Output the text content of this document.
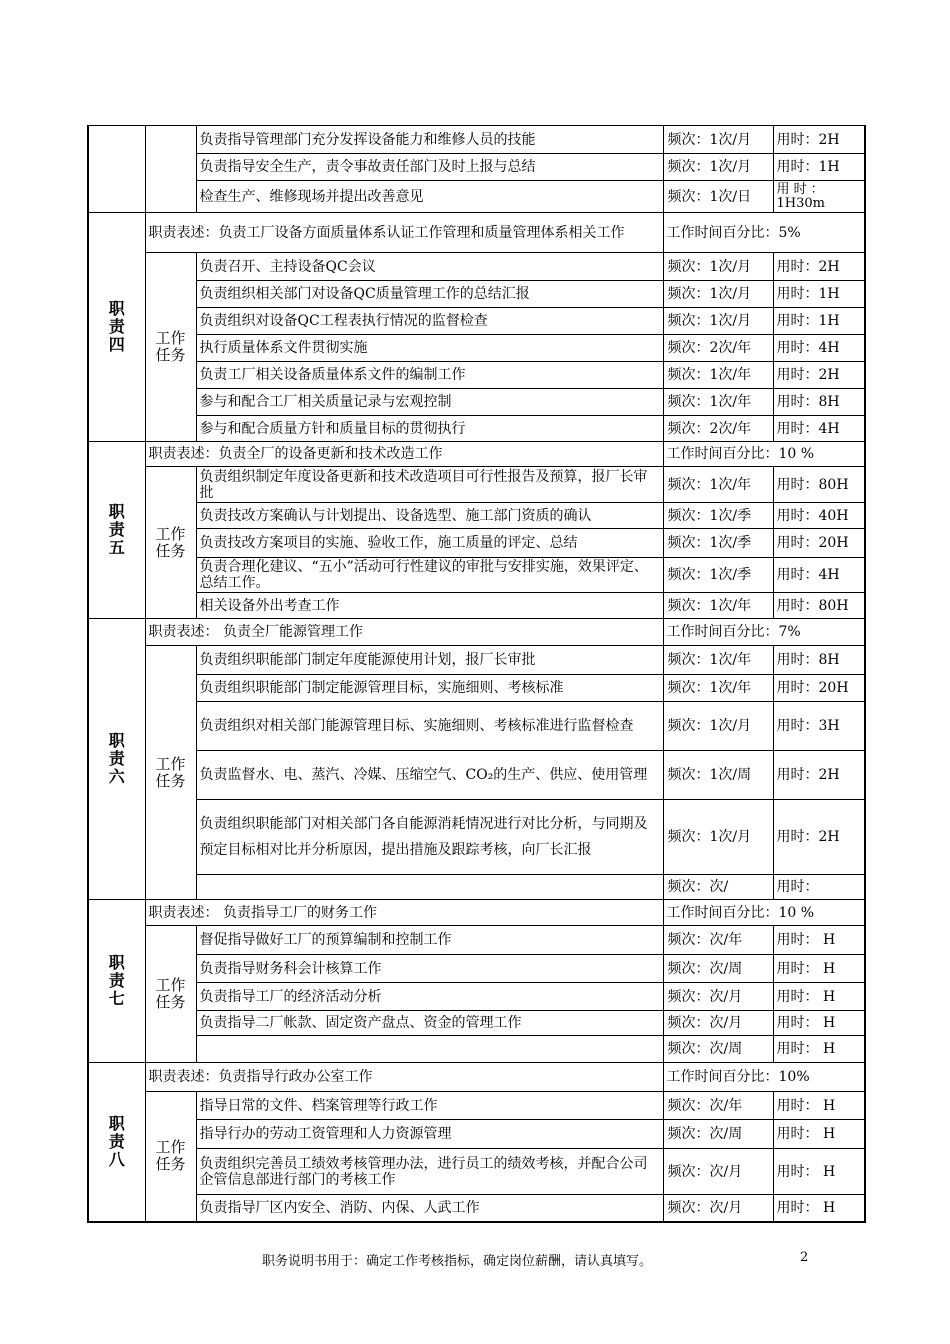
		负责指导管理部门充分发挥设备能力和维修人员的技能	频次：1次/月	用时：2H
		负责指导安全生产，责令事故责任部门及时上报与总结	频次：1次/月	用时：1H
		检查生产、维修现场并提出改善意见	频次：1次/日	用 时 ：1H30m

职
责
四	职责表述：负责工厂设备方面质量体系认证工作管理和质量管理体系相关工作		工作时间百分比：5%	

	工作
任务	负责召开、主持设备QC会议	频次：1次/月	用时：2H
		负责组织相关部门对设备QC质量管理工作的总结汇报	频次：1次/月	用时：1H
		负责组织对设备QC工程表执行情况的监督检查	频次：1次/月	用时：1H
		执行质量体系文件贯彻实施	频次：2次/年	用时：4H
		负责工厂相关设备质量体系文件的编制工作	频次：1次/年	用时：2H
		参与和配合工厂相关质量记录与宏观控制	频次：1次/年	用时：8H
		参与和配合质量方针和质量目标的贯彻执行	频次：2次/年	用时：4H

职
责
五	职责表述：负责全厂的设备更新和技术改造工作		工作时间百分比：10 %	

	工作
任务	负责组织制定年度设备更新和技术改造项目可行性报告及预算，报厂长审批	频次：1次/年	用时：80H
		负责技改方案确认与计划提出、设备选型、施工部门资质的确认	频次：1次/季	用时：40H
		负责技改方案项目的实施、验收工作，施工质量的评定、总结	频次：1次/季	用时：20H
		负责合理化建议、“五小”活动可行性建议的审批与安排实施，效果评定、总结工作。	频次：1次/季	用时：4H
		相关设备外出考查工作	频次：1次/年	用时：80H

职
责
六	职责表述： 负责全厂能源管理工作		工作时间百分比：7%	

	工作
任务	负责组织职能部门制定年度能源使用计划，报厂长审批	频次：1次/年	用时：8H
		负责组织职能部门制定能源管理目标，实施细则、考核标准	频次：1次/年	用时：20H
		负责组织对相关部门能源管理目标、实施细则、考核标准进行监督检查	频次：1次/月	用时：3H
		负责监督水、电、蒸汽、冷媒、压缩空气、CO₂的生产、供应、使用管理	频次：1次/周	用时：2H
		负责组织职能部门对相关部门各自能源消耗情况进行对比分析，与同期及预定目标相对比并分析原因，提出措施及跟踪考核，向厂长汇报	频次：1次/月	用时：2H
			频次：次/	用时：

职
责
七	职责表述： 负责指导工厂的财务工作		工作时间百分比：10 %	

	工作
任务	督促指导做好工厂的预算编制和控制工作	频次：次/年	用时： H
		负责指导财务科会计核算工作	频次：次/周	用时： H
		负责指导工厂的经济活动分析	频次：次/月	用时： H
		负责指导二厂帐款、固定资产盘点、资金的管理工作	频次：次/月	用时： H
			频次：次/周	用时： H

职
责
八	职责表述：负责指导行政办公室工作		工作时间百分比：10%	

	工作
任务	指导日常的文件、档案管理等行政工作	频次：次/年	用时： H
		指导行办的劳动工资管理和人力资源管理	频次：次/周	用时： H
		负责组织完善员工绩效考核管理办法，进行员工的绩效考核，并配合公司企管信息部进行部门的考核工作	频次：次/月	用时： H
		负责指导厂区内安全、消防、内保、人武工作	频次：次/月	用时： H
职务说明书用于：确定工作考核指标，确定岗位薪酬，请认真填写。	2
